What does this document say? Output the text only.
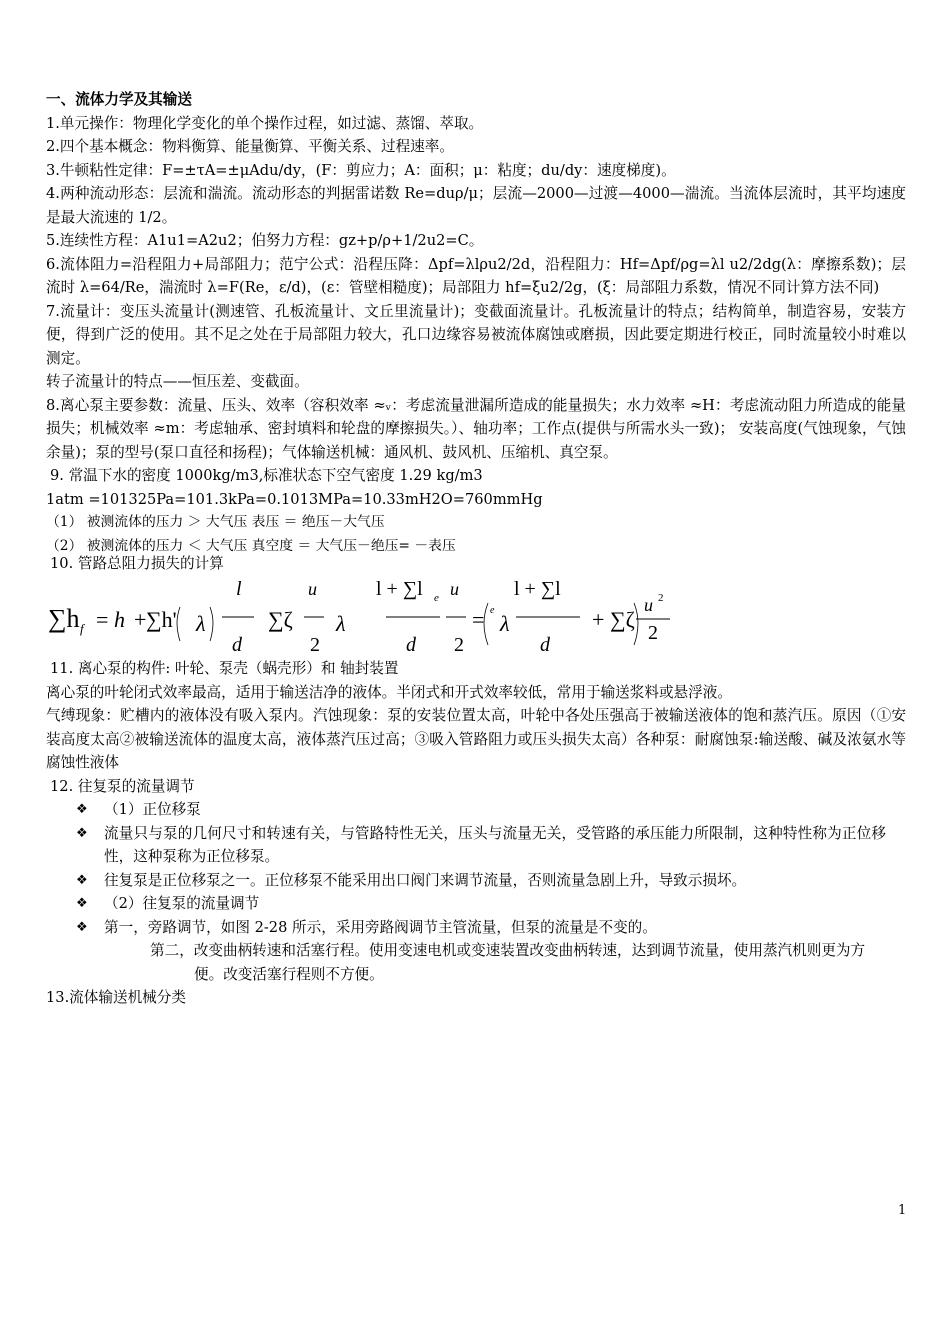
一、流体力学及其输送

1.单元操作：物理化学变化的单个操作过程，如过滤、蒸馏、萃取。

2.四个基本概念：物料衡算、能量衡算、平衡关系、过程速率。

3.牛顿粘性定律：F=±τA=±μAdu/dy，(F：剪应力；A：面积；μ：粘度；du/dy：速度梯度)。

4.两种流动形态：层流和湍流。流动形态的判据雷诺数 Re=duρ/μ；层流—2000—过渡—4000—湍流。当流体层流时，其平均速度是最大流速的 1/2。

5.连续性方程：A1u1=A2u2；伯努力方程：gz+p/ρ+1/2u2=C。

6.流体阻力=沿程阻力+局部阻力；范宁公式：沿程压降：Δpf=λlρu2/2d，沿程阻力：Hf=Δpf/ρg=λl u2/2dg(λ：摩擦系数)；层流时 λ=64/Re，湍流时 λ=F(Re，ε/d)，(ε：管壁相糙度)；局部阻力 hf=ξu2/2g，(ξ：局部阻力系数，情况不同计算方法不同)

7.流量计：变压头流量计(测速管、孔板流量计、文丘里流量计)；变截面流量计。孔板流量计的特点；结构简单，制造容易，安装方便，得到广泛的使用。其不足之处在于局部阻力较大，孔口边缘容易被流体腐蚀或磨损，因此要定期进行校正，同时流量较小时难以测定。

转子流量计的特点——恒压差、变截面。

8.离心泵主要参数：流量、压头、效率（容积效率 ≈ᵥ：考虑流量泄漏所造成的能量损失；水力效率 ≈H：考虑流动阻力所造成的能量损失；机械效率 ≈m：考虑轴承、密封填料和轮盘的摩擦损失。）、轴功率；工作点(提供与所需水头一致)； 安装高度(气蚀现象，气蚀余量)；泵的型号(泵口直径和扬程)；气体输送机械：通风机、鼓风机、压缩机、真空泵。

9. 常温下水的密度 1000kg/m3,标准状态下空气密度 1.29 kg/m3

1atm =101325Pa=101.3kPa=0.1013MPa=10.33mH2O=760mmHg

（1） 被测流体的压力 ＞ 大气压 表压 ＝ 绝压－大气压

（2） 被测流体的压力 ＜ 大气压 真空度 ＝ 大气压－绝压= －表压

10. 管路总阻力损失的计算

∑h f = h + ∑h' λ
l
d
∑ζ
u
2
λ
l + ∑l e
d
u
2
= e
λ
l + ∑l
d
+ ∑ζ
u 2
2

11. 离心泵的构件: 叶轮、泵壳（蜗壳形）和 轴封装置

离心泵的叶轮闭式效率最高，适用于输送洁净的液体。半闭式和开式效率较低，常用于输送浆料或悬浮液。

气缚现象：贮槽内的液体没有吸入泵内。汽蚀现象：泵的安装位置太高，叶轮中各处压强高于被输送液体的饱和蒸汽压。原因（①安装高度太高②被输送流体的温度太高，液体蒸汽压过高；③吸入管路阻力或压头损失太高）各种泵：耐腐蚀泵:输送酸、碱及浓氨水等腐蚀性液体

12. 往复泵的流量调节

❖	（1）正位移泵
❖	流量只与泵的几何尺寸和转速有关，与管路特性无关，压头与流量无关，受管路的承压能力所限制，这种特性称为正位移性，这种泵称为正位移泵。
❖	往复泵是正位移泵之一。正位移泵不能采用出口阀门来调节流量，否则流量急剧上升，导致示损坏。
❖	（2）往复泵的流量调节
❖	第一，旁路调节，如图 2-28 所示，采用旁路阀调节主管流量，但泵的流量是不变的。

第二，改变曲柄转速和活塞行程。使用变速电机或变速装置改变曲柄转速，达到调节流量，使用蒸汽机则更为方
便。改变活塞行程则不方便。

13.流体输送机械分类

1
